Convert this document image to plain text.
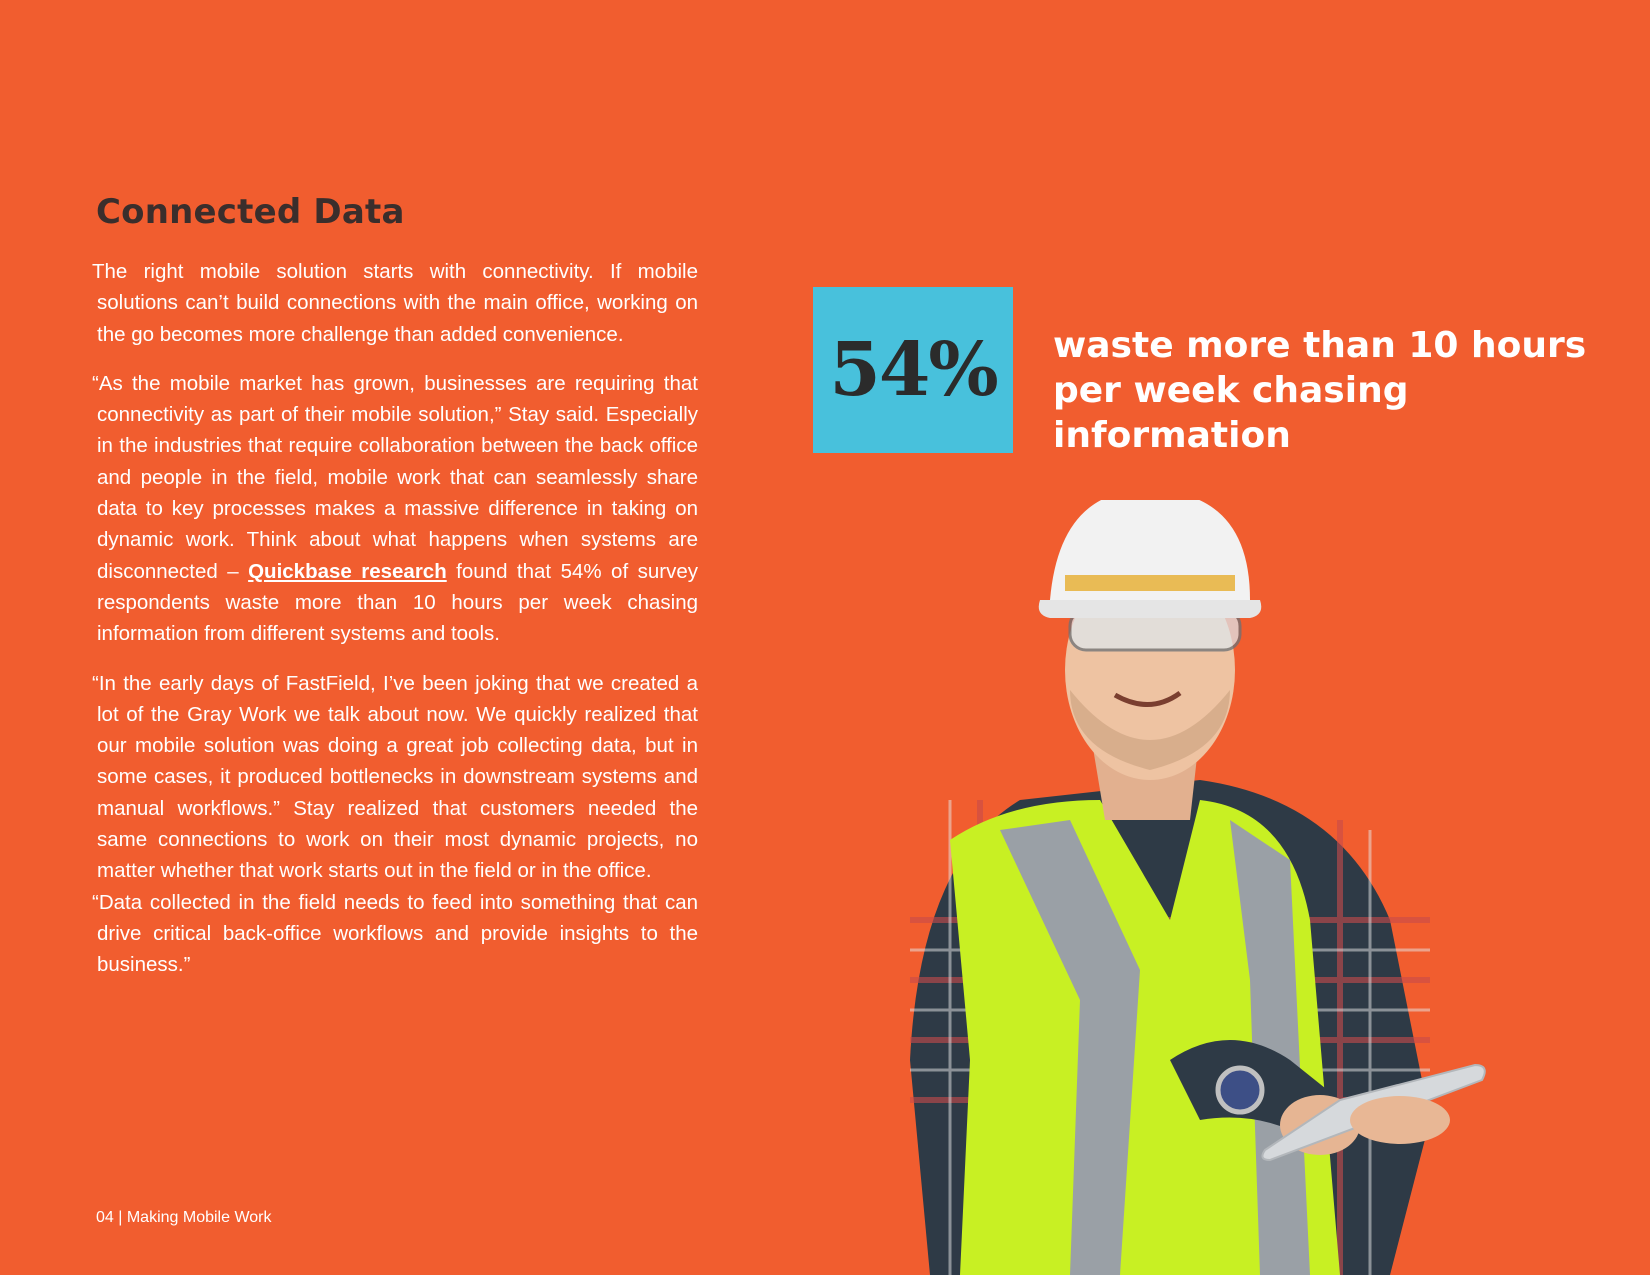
Connected Data

The right mobile solution starts with connectivity. If mobile solutions can’t build connections with the main office, working on the go becomes more challenge than added convenience.

“As the mobile market has grown, businesses are requiring that connectivity as part of their mobile solution,” Stay said. Especially in the industries that require collaboration between the back office and people in the field, mobile work that can seamlessly share data to key processes makes a massive difference in taking on dynamic work. Think about what happens when systems are disconnected – Quickbase research found that 54% of survey respondents waste more than 10 hours per week chasing information from different systems and tools.

“In the early days of FastField, I’ve been joking that we created a lot of the Gray Work we talk about now. We quickly realized that our mobile solution was doing a great job collecting data, but in some cases, it produced bottlenecks in downstream systems and manual workflows.” Stay realized that customers needed the same connections to work on their most dynamic projects, no matter whether that work starts out in the field or in the office.

“Data collected in the field needs to feed into something that can drive critical back-office workflows and provide insights to the business.”

54% waste more than 10 hours
per week chasing information
04 | Making Mobile Work
